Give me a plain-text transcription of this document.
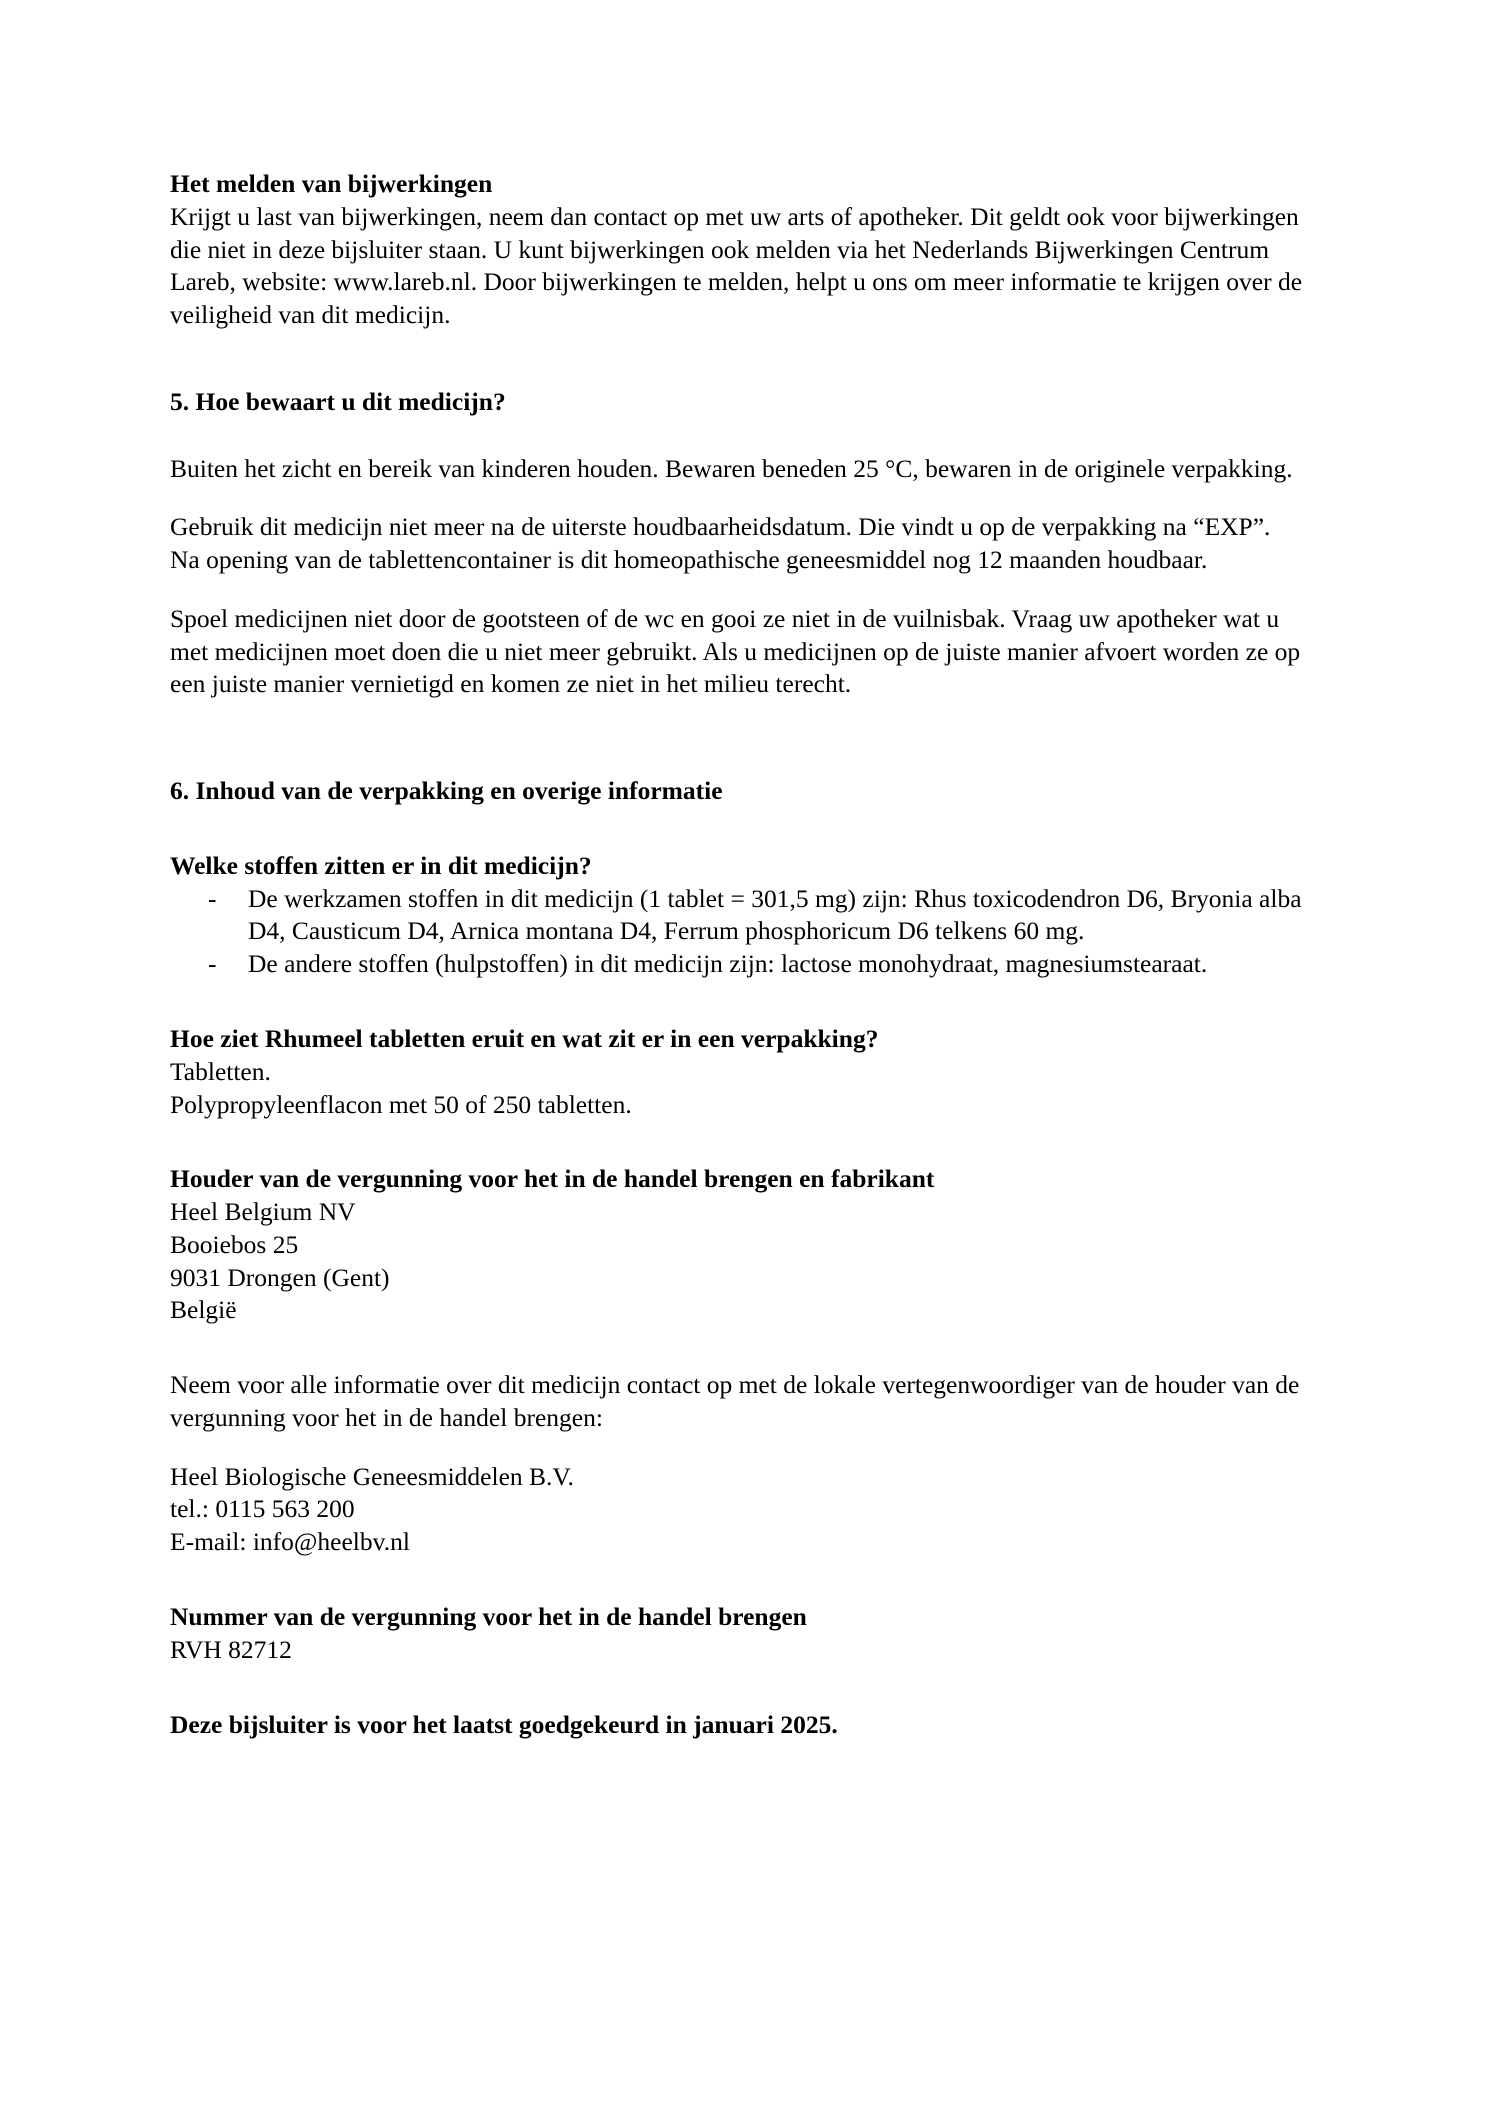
Het melden van bijwerkingen

Krijgt u last van bijwerkingen, neem dan contact op met uw arts of apotheker. Dit geldt ook voor bijwerkingen die niet in deze bijsluiter staan. U kunt bijwerkingen ook melden via het Nederlands Bijwerkingen Centrum Lareb, website: www.lareb.nl. Door bijwerkingen te melden, helpt u ons om meer informatie te krijgen over de veiligheid van dit medicijn.

5. Hoe bewaart u dit medicijn?

Buiten het zicht en bereik van kinderen houden. Bewaren beneden 25 °C, bewaren in de originele verpakking.

Gebruik dit medicijn niet meer na de uiterste houdbaarheidsdatum. Die vindt u op de verpakking na “EXP”.

Na opening van de tablettencontainer is dit homeopathische geneesmiddel nog 12 maanden houdbaar.

Spoel medicijnen niet door de gootsteen of de wc en gooi ze niet in de vuilnisbak. Vraag uw apotheker wat u met medicijnen moet doen die u niet meer gebruikt. Als u medicijnen op de juiste manier afvoert worden ze op een juiste manier vernietigd en komen ze niet in het milieu terecht.

6. Inhoud van de verpakking en overige informatie
Welke stoffen zitten er in dit medicijn?
- De werkzamen stoffen in dit medicijn (1 tablet = 301,5 mg) zijn: Rhus toxicodendron D6, Bryonia alba D4, Causticum D4, Arnica montana D4, Ferrum phosphoricum D6 telkens 60 mg.
- De andere stoffen (hulpstoffen) in dit medicijn zijn: lactose monohydraat, magnesiumstearaat.
Hoe ziet Rhumeel tabletten eruit en wat zit er in een verpakking?

Tabletten.

Polypropyleenflacon met 50 of 250 tabletten.

Houder van de vergunning voor het in de handel brengen en fabrikant

Heel Belgium NV

Booiebos 25

9031 Drongen (Gent)

België

Neem voor alle informatie over dit medicijn contact op met de lokale vertegenwoordiger van de houder van de vergunning voor het in de handel brengen:

Heel Biologische Geneesmiddelen B.V.

tel.: 0115 563 200

E-mail: info@heelbv.nl

Nummer van de vergunning voor het in de handel brengen

RVH 82712

Deze bijsluiter is voor het laatst goedgekeurd in januari 2025.
